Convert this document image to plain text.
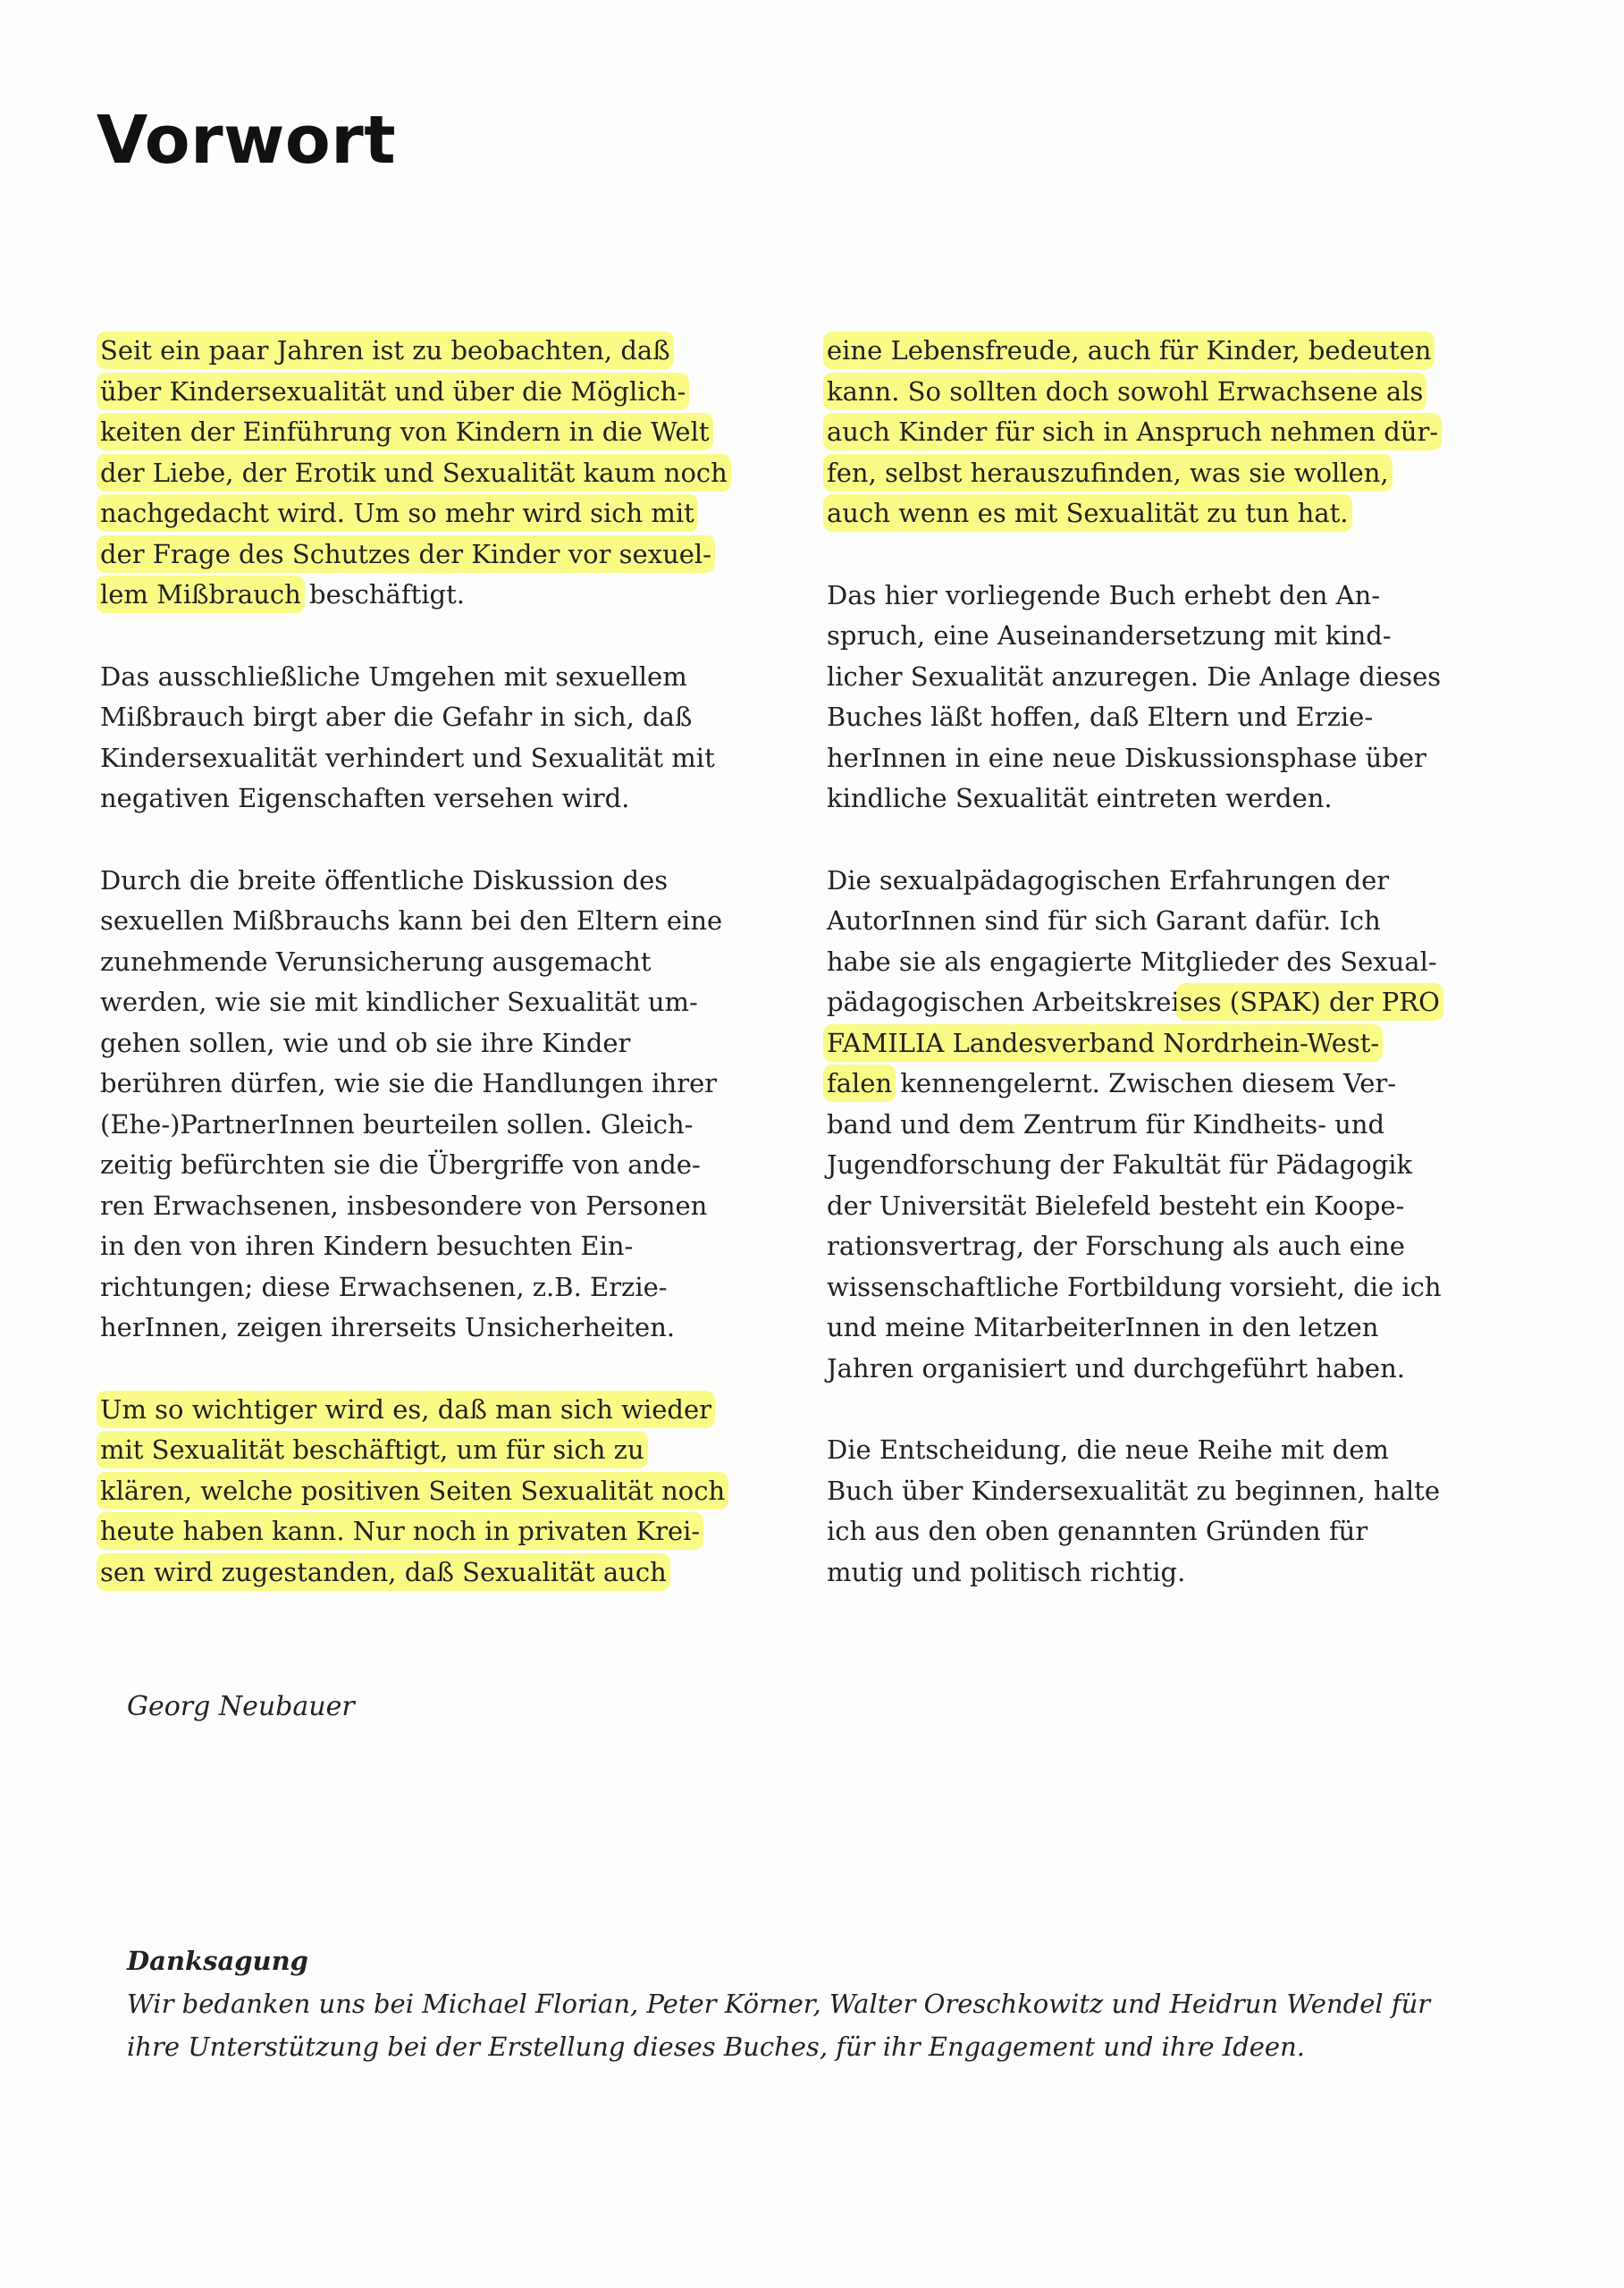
Vorwort

Seit ein paar Jahren ist zu beobachten, daß
über Kindersexualität und über die Möglich-
keiten der Einführung von Kindern in die Welt
der Liebe, der Erotik und Sexualität kaum noch
nachgedacht wird. Um so mehr wird sich mit
der Frage des Schutzes der Kinder vor sexuel-
lem Mißbrauch beschäftigt.

Das ausschließliche Umgehen mit sexuellem
Mißbrauch birgt aber die Gefahr in sich, daß
Kindersexualität verhindert und Sexualität mit
negativen Eigenschaften versehen wird.

Durch die breite öffentliche Diskussion des
sexuellen Mißbrauchs kann bei den Eltern eine
zunehmende Verunsicherung ausgemacht
werden, wie sie mit kindlicher Sexualität um-
gehen sollen, wie und ob sie ihre Kinder
berühren dürfen, wie sie die Handlungen ihrer
(Ehe-)PartnerInnen beurteilen sollen. Gleich-
zeitig befürchten sie die Übergriffe von ande-
ren Erwachsenen, insbesondere von Personen
in den von ihren Kindern besuchten Ein-
richtungen; diese Erwachsenen, z.B. Erzie-
herInnen, zeigen ihrerseits Unsicherheiten.

Um so wichtiger wird es, daß man sich wieder
mit Sexualität beschäftigt, um für sich zu
klären, welche positiven Seiten Sexualität noch
heute haben kann. Nur noch in privaten Krei-
sen wird zugestanden, daß Sexualität auch

eine Lebensfreude, auch für Kinder, bedeuten
kann. So sollten doch sowohl Erwachsene als
auch Kinder für sich in Anspruch nehmen dür-
fen, selbst herauszufinden, was sie wollen,
auch wenn es mit Sexualität zu tun hat.

Das hier vorliegende Buch erhebt den An-
spruch, eine Auseinandersetzung mit kind-
licher Sexualität anzuregen. Die Anlage dieses
Buches läßt hoffen, daß Eltern und Erzie-
herInnen in eine neue Diskussionsphase über
kindliche Sexualität eintreten werden.

Die sexualpädagogischen Erfahrungen der
AutorInnen sind für sich Garant dafür. Ich
habe sie als engagierte Mitglieder des Sexual-
pädagogischen Arbeitskreises (SPAK) der PRO
FAMILIA Landesverband Nordrhein-West-
falen kennengelernt. Zwischen diesem Ver-
band und dem Zentrum für Kindheits- und
Jugendforschung der Fakultät für Pädagogik
der Universität Bielefeld besteht ein Koope-
rationsvertrag, der Forschung als auch eine
wissenschaftliche Fortbildung vorsieht, die ich
und meine MitarbeiterInnen in den letzen
Jahren organisiert und durchgeführt haben.

Die Entscheidung, die neue Reihe mit dem
Buch über Kindersexualität zu beginnen, halte
ich aus den oben genannten Gründen für
mutig und politisch richtig.

Georg Neubauer
Danksagung
Wir bedanken uns bei Michael Florian, Peter Körner, Walter Oreschkowitz und Heidrun Wendel für
ihre Unterstützung bei der Erstellung dieses Buches, für ihr Engagement und ihre Ideen.
